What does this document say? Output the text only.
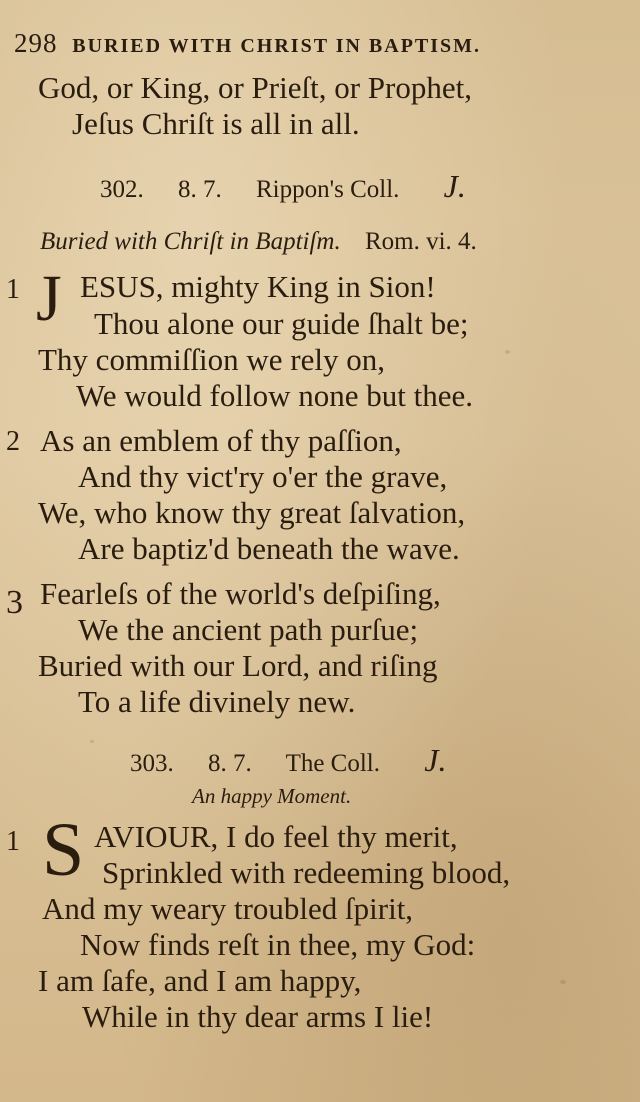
298 BURIED WITH CHRIST IN BAPTISM.
God, or King, or Prieſt, or Prophet,
Jeſus Chriſt is all in all.
302. 8. 7. Rippon's Coll. J.
Buried with Chriſt in Baptiſm. Rom. vi. 4.
1 J ESUS, mighty King in Sion!
Thou alone our guide ſhalt be;
Thy commiſſion we rely on,
We would follow none but thee.
2 As an emblem of thy paſſion,
And thy vict'ry o'er the grave,
We, who know thy great ſalvation,
Are baptiz'd beneath the wave.
3 Fearleſs of the world's deſpiſing,
We the ancient path purſue;
Buried with our Lord, and riſing
To a life divinely new.
303. 8. 7. The Coll. J.
An happy Moment.
1 S AVIOUR, I do feel thy merit,
Sprinkled with redeeming blood,
And my weary troubled ſpirit,
Now finds reſt in thee, my God:
I am ſafe, and I am happy,
While in thy dear arms I lie!
